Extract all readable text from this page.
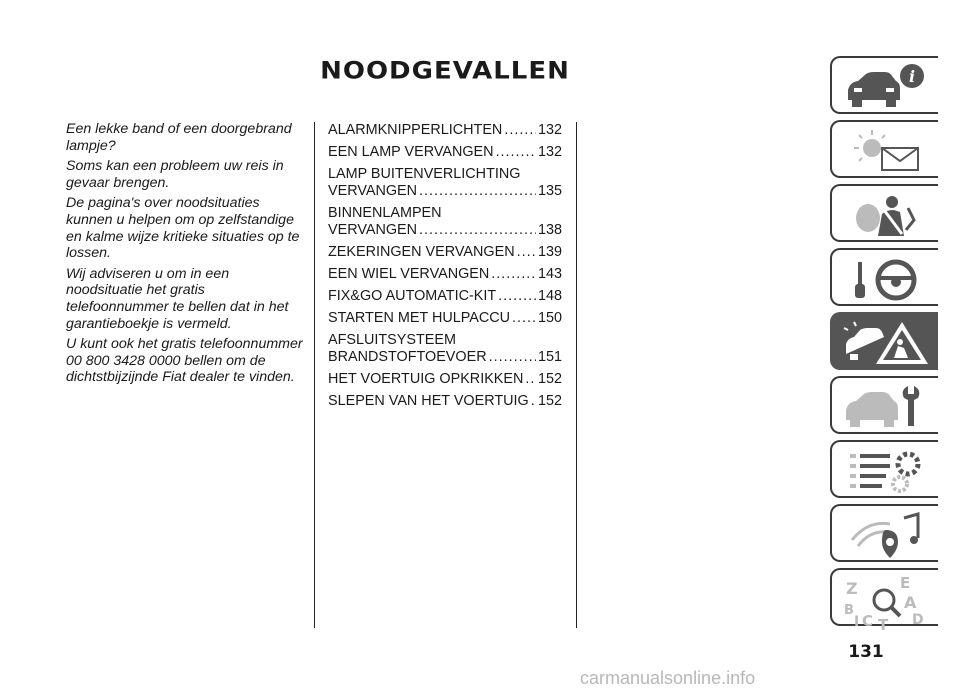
NOODGEVALLEN

Een lekke band of een doorgebrand lampje?

Soms kan een probleem uw reis in gevaar brengen.

De pagina's over noodsituaties kunnen u helpen om op zelfstandige en kalme wijze kritieke situaties op te lossen.

Wij adviseren u om in een noodsituatie het gratis telefoonnummer te bellen dat in het garantieboekje is vermeld.

U kunt ook het gratis telefoonnummer 00 800 3428 0000 bellen om de dichtstbijzijnde Fiat dealer te vinden.

ALARMKNIPPERLICHTEN ..... 132
EEN LAMP VERVANGEN .....	132
LAMP BUITENVERLICHTING
VERVANGEN .....	135
BINNENLAMPEN
VERVANGEN .....	138
ZEKERINGEN VERVANGEN ..... 139
EEN WIEL VERVANGEN .....	143
FIX&GO AUTOMATIC-KIT .....	148
STARTEN MET HULPACCU ..... 150
AFSLUITSYSTEEM
BRANDSTOFTOEVOER .....	151
HET VOERTUIG OPKRIKKEN ..... 152
SLEPEN VAN HET VOERTUIG ..... 152
i
Z	E
B	A
C	D
I T
131
carmanualsonline.info
